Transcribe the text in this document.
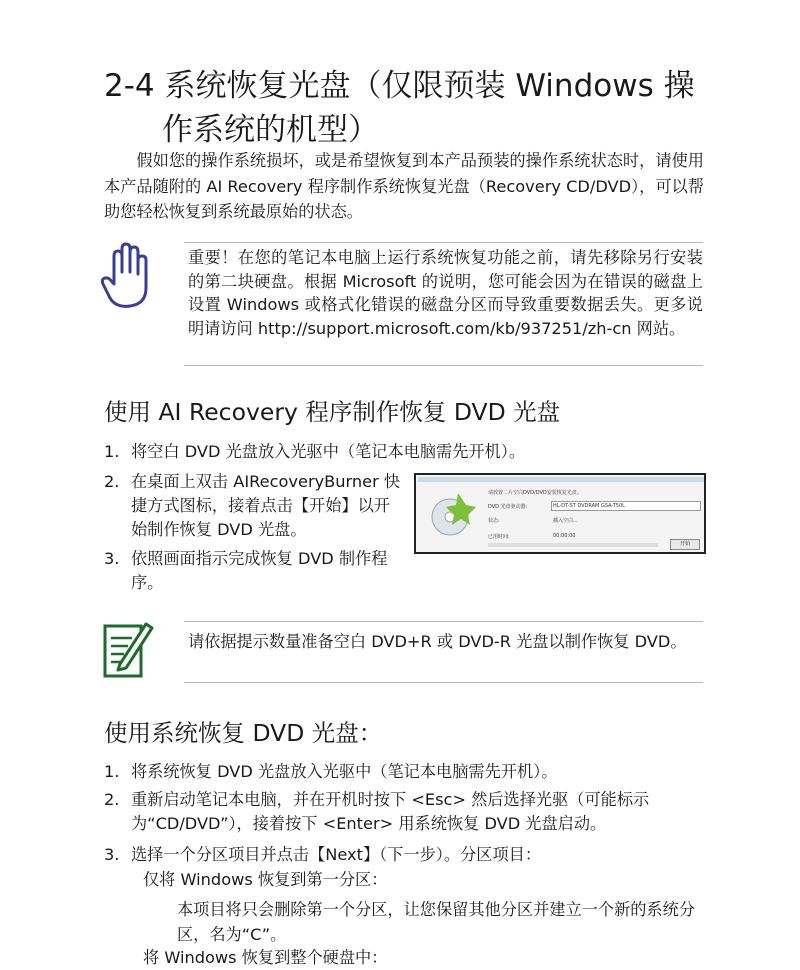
2-4 系统恢复光盘（仅限预装 Windows 操
作系统的机型）

假如您的操作系统损坏，或是希望恢复到本产品预装的操作系统状态时，请使用本产品随附的 AI Recovery 程序制作系统恢复光盘（Recovery CD/DVD），可以帮助您轻松恢复到系统最原始的状态。

重要！在您的笔记本电脑上运行系统恢复功能之前，请先移除另行安装的第二块硬盘。根据 Microsoft 的说明，您可能会因为在错误的磁盘上设置 Windows 或格式化错误的磁盘分区而导致重要数据丢失。更多说明请访问 http://support.microsoft.com/kb/937251/zh-cn 网站。
使用 AI Recovery 程序制作恢复 DVD 光盘
1. 将空白 DVD 光盘放入光驱中（笔记本电脑需先开机）。
2. 在桌面上双击 AIRecoveryBurner 快捷方式图标，接着点击【开始】以开始制作恢复 DVD 光盘。
3. 依照画面指示完成恢复 DVD 制作程序。
请放置二片空白DVD/DVD安装恢复光盘。
DVD 光盘驱动器:	HL-DT-ST DVDRAM GSA-T50L
状态:	插入空白...
已用时间:	00:00:00
开始
请依据提示数量准备空白 DVD+R 或 DVD-R 光盘以制作恢复 DVD。
使用系统恢复 DVD 光盘：
1. 将系统恢复 DVD 光盘放入光驱中（笔记本电脑需先开机）。
2. 重新启动笔记本电脑，并在开机时按下 <Esc> 然后选择光驱（可能标示为“CD/DVD”），接着按下 <Enter> 用系统恢复 DVD 光盘启动。
3. 选择一个分区项目并点击【Next】（下一步）。分区项目：
仅将 Windows 恢复到第一分区：
本项目将只会删除第一个分区，让您保留其他分区并建立一个新的系统分区，名为“C”。
将 Windows 恢复到整个硬盘中：
